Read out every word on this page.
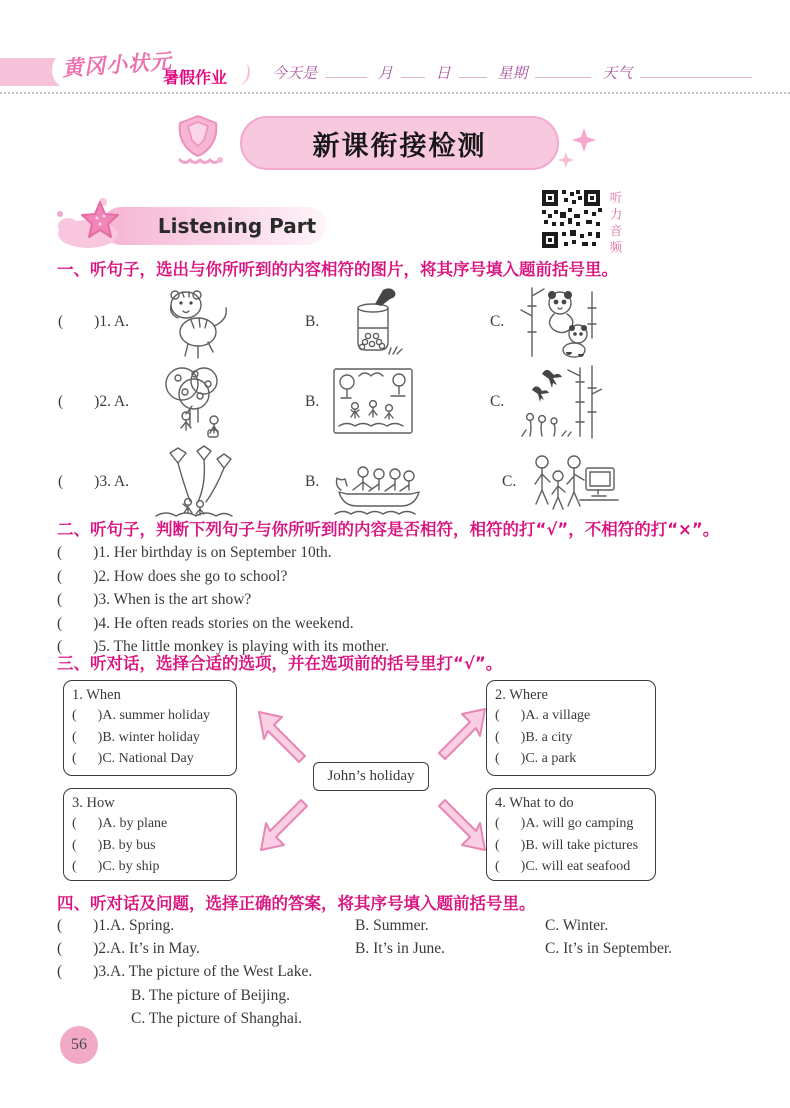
黄冈小状元
暑假作业	今天是	月	日	星期	天气
新课衔接检测
Listening Part	听力音频
一、听句子，选出与你所听到的内容相符的图片，将其序号填入题前括号里。
(        )1. A.	B.	C.
(        )2. A.	B.	C.
(        )3. A.	B.	C.
二、听句子，判断下列句子与你所听到的内容是否相符，相符的打“√”，不相符的打“×”。
(        )1. Her birthday is on September 10th.
(        )2. How does she go to school?
(        )3. When is the art show?
(        )4. He often reads stories on the weekend.
(        )5. The little monkey is playing with its mother.
三、听对话，选择合适的选项，并在选项前的括号里打“√”。
1. When
(      )A. summer holiday
(      )B. winter holiday
(      )C. National Day
2. Where
(      )A. a village
(      )B. a city
(      )C. a park
3. How
(      )A. by plane
(      )B. by bus
(      )C. by ship
4. What to do
(      )A. will go camping
(      )B. will take pictures
(      )C. will eat seafood
John’s holiday
四、听对话及问题，选择正确的答案，将其序号填入题前括号里。
(        )1. A. Spring.	B. Summer.	C. Winter.
(        )2. A. It’s in May.	B. It’s in June.	C. It’s in September.
(        )3. A. The picture of the West Lake.
B. The picture of Beijing.
C. The picture of Shanghai.
56
